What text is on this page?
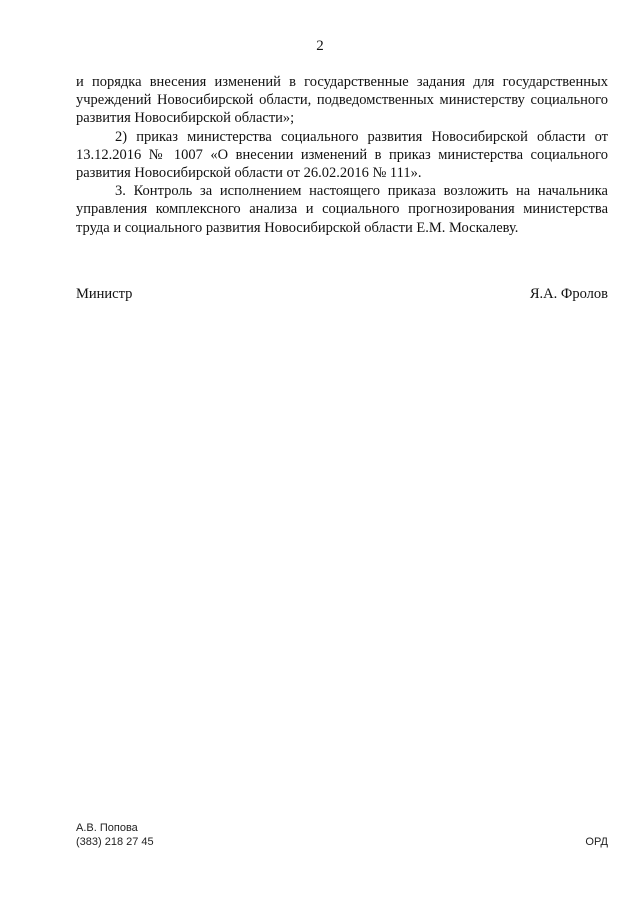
2

и порядка внесения изменений в государственные задания для государственных учреждений Новосибирской области, подведомственных министерству социального развития Новосибирской области»;

2) приказ министерства социального развития Новосибирской области от 13.12.2016 № 1007 «О внесении изменений в приказ министерства социального развития Новосибирской области от 26.02.2016 № 111».

3. Контроль за исполнением настоящего приказа возложить на начальника управления комплексного анализа и социального прогнозирования министерства труда и социального развития Новосибирской области Е.М. Москалеву.

Министр	Я.А. Фролов
А.В. Попова
(383) 218 27 45	ОРД
